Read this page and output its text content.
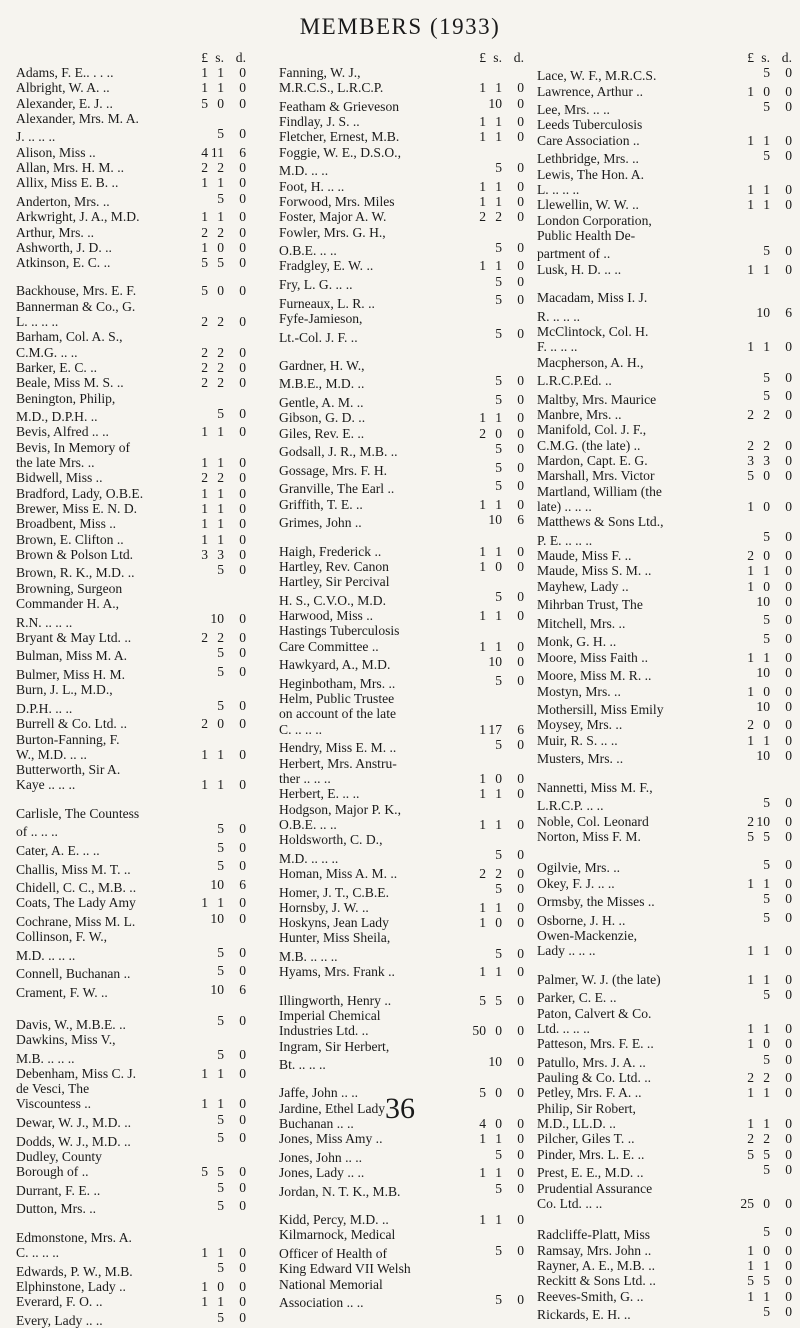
MEMBERS (1933)
£ s. d.
Adams, F. E.. . . ..	1 1	0
Albright, W. A. ..	1 1	0
Alexander, E. J. ..	5 0	0
Alexander, Mrs. M. A.
J. .. .. ..	5	0
Alison, Miss ..	4 11	6
Allan, Mrs. H. M. ..	2 2	0
Allix, Miss E. B. ..	1 1	0
Anderton, Mrs. ..	5	0
Arkwright, J. A., M.D.	1 1	0
Arthur, Mrs. ..	2 2	0
Ashworth, J. D. ..	1 0	0
Atkinson, E. C. ..	5 5	0
Backhouse, Mrs. E. F.	5 0	0
Bannerman & Co., G.
L. .. .. ..	2 2	0
Barham, Col. A. S.,
C.M.G. .. ..	2 2	0
Barker, E. C. ..	2 2	0
Beale, Miss M. S. ..	2 2	0
Benington, Philip,
M.D., D.P.H. ..	5	0
Bevis, Alfred .. ..	1 1	0
Bevis, In Memory of
the late Mrs. ..	1 1	0
Bidwell, Miss ..	2 2	0
Bradford, Lady, O.B.E.	1 1	0
Brewer, Miss E. N. D.	1 1	0
Broadbent, Miss ..	1 1	0
Brown, E. Clifton ..	1 1	0
Brown & Polson Ltd.	3 3	0
Brown, R. K., M.D. ..	5	0
Browning, Surgeon
Commander H. A.,
R.N. .. .. ..	10	0
Bryant & May Ltd. ..	2 2	0
Bulman, Miss M. A.	5	0
Bulmer, Miss H. M.	5	0
Burn, J. L., M.D.,
D.P.H. .. ..	5	0
Burrell & Co. Ltd. ..	2 0	0
Burton-Fanning, F.
W., M.D. .. ..	1 1	0
Butterworth, Sir A.
Kaye .. .. ..	1 1	0
Carlisle, The Countess
of .. .. ..	5	0
Cater, A. E. .. ..	5	0
Challis, Miss M. T. ..	5	0
Chidell, C. C., M.B. ..	10	6
Coats, The Lady Amy	1 1	0
Cochrane, Miss M. L.	10	0
Collinson, F. W.,
M.D. .. .. ..	5	0
Connell, Buchanan ..	5	0
Crament, F. W. ..	10	6
Davis, W., M.B.E. ..	5	0
Dawkins, Miss V.,
M.B. .. .. ..	5	0
Debenham, Miss C. J.	1 1	0
de Vesci, The
Viscountess ..	1 1	0
Dewar, W. J., M.D. ..	5	0
Dodds, W. J., M.D. ..	5	0
Dudley, County
Borough of ..	5 5	0
Durrant, F. E. ..	5	0
Dutton, Mrs. ..	5	0
Edmonstone, Mrs. A.
C. .. .. ..	1 1	0
Edwards, P. W., M.B.	5	0
Elphinstone, Lady ..	1 0	0
Everard, F. O. ..	1 1	0
Every, Lady .. ..	5	0
£ s. d.
Fanning, W. J.,
M.R.C.S., L.R.C.P.	1 1	0
Featham & Grieveson	10	0
Findlay, J. S. ..	1 1	0
Fletcher, Ernest, M.B.	1 1	0
Foggie, W. E., D.S.O.,
M.D. .. ..	5	0
Foot, H. .. ..	1 1	0
Forwood, Mrs. Miles	1 1	0
Foster, Major A. W.	2 2	0
Fowler, Mrs. G. H.,
O.B.E. .. ..	5	0
Fradgley, E. W. ..	1 1	0
Fry, L. G. .. ..	5	0
Furneaux, L. R. ..	5	0
Fyfe-Jamieson,
Lt.-Col. J. F. ..	5	0
Gardner, H. W.,
M.B.E., M.D. ..	5	0
Gentle, A. M. ..	5	0
Gibson, G. D. ..	1 1	0
Giles, Rev. E. ..	2 0	0
Godsall, J. R., M.B. ..	5	0
Gossage, Mrs. F. H.	5	0
Granville, The Earl ..	5	0
Griffith, T. E. ..	1 1	0
Grimes, John ..	10	6
Haigh, Frederick ..	1 1	0
Hartley, Rev. Canon	1 0	0
Hartley, Sir Percival
H. S., C.V.O., M.D.	5	0
Harwood, Miss ..	1 1	0
Hastings Tuberculosis
Care Committee ..	1 1	0
Hawkyard, A., M.D.	10	0
Heginbotham, Mrs. ..	5	0
Helm, Public Trustee
on account of the late
C. .. .. ..	1 17	6
Hendry, Miss E. M. ..	5	0
Herbert, Mrs. Anstru-
ther .. .. ..	1 0	0
Herbert, E. .. ..	1 1	0
Hodgson, Major P. K.,
O.B.E. .. ..	1 1	0
Holdsworth, C. D.,
M.D. .. .. ..	5	0
Homan, Miss A. M. ..	2 2	0
Homer, J. T., C.B.E.	5	0
Hornsby, J. W. ..	1 1	0
Hoskyns, Jean Lady	1 0	0
Hunter, Miss Sheila,
M.B. .. .. ..	5	0
Hyams, Mrs. Frank ..	1 1	0
Illingworth, Henry ..	5 5	0
Imperial Chemical
Industries Ltd. ..	50 0	0
Ingram, Sir Herbert,
Bt. .. .. ..	10	0
Jaffe, John .. ..	5 0	0
Jardine, Ethel Lady
Buchanan .. ..	4 0	0
Jones, Miss Amy ..	1 1	0
Jones, John .. ..	5	0
Jones, Lady .. ..	1 1	0
Jordan, N. T. K., M.B.	5	0
Kidd, Percy, M.D. ..	1 1	0
Kilmarnock, Medical
Officer of Health of	5	0
King Edward VII Welsh
National Memorial
Association .. ..	5	0
£ s. d.
Lace, W. F., M.R.C.S.	5	0
Lawrence, Arthur ..	1 0	0
Lee, Mrs. .. ..	5	0
Leeds Tuberculosis
Care Association ..	1 1	0
Lethbridge, Mrs. ..	5	0
Lewis, The Hon. A.
L. .. .. ..	1 1	0
Llewellin, W. W. ..	1 1	0
London Corporation,
Public Health De-
partment of ..	5	0
Lusk, H. D. .. ..	1 1	0
Macadam, Miss I. J.
R. .. .. ..	10	6
McClintock, Col. H.
F. .. .. ..	1 1	0
Macpherson, A. H.,
L.R.C.P.Ed. ..	5	0
Maltby, Mrs. Maurice	5	0
Manbre, Mrs. ..	2 2	0
Manifold, Col. J. F.,
C.M.G. (the late) ..	2 2	0
Mardon, Capt. E. G.	3 3	0
Marshall, Mrs. Victor	5 0	0
Martland, William (the
late) .. .. ..	1 0	0
Matthews & Sons Ltd.,
P. E. .. .. ..	5	0
Maude, Miss F. ..	2 0	0
Maude, Miss S. M. ..	1 1	0
Mayhew, Lady ..	1 0	0
Mihrban Trust, The	10	0
Mitchell, Mrs. ..	5	0
Monk, G. H. ..	5	0
Moore, Miss Faith ..	1 1	0
Moore, Miss M. R. ..	10	0
Mostyn, Mrs. ..	1 0	0
Mothersill, Miss Emily	10	0
Moysey, Mrs. ..	2 0	0
Muir, R. S. .. ..	1 1	0
Musters, Mrs. ..	10	0
Nannetti, Miss M. F.,
L.R.C.P. .. ..	5	0
Noble, Col. Leonard	2 10	0
Norton, Miss F. M.	5 5	0
Ogilvie, Mrs. ..	5	0
Okey, F. J. .. ..	1 1	0
Ormsby, the Misses ..	5	0
Osborne, J. H. ..	5	0
Owen-Mackenzie,
Lady .. .. ..	1 1	0
Palmer, W. J. (the late)	1 1	0
Parker, C. E. ..	5	0
Paton, Calvert & Co.
Ltd. .. .. ..	1 1	0
Patteson, Mrs. F. E. ..	1 0	0
Patullo, Mrs. J. A. ..	5	0
Pauling & Co. Ltd. ..	2 2	0
Petley, Mrs. F. A. ..	1 1	0
Philip, Sir Robert,
M.D., LL.D. ..	1 1	0
Pilcher, Giles T. ..	2 2	0
Pinder, Mrs. L. E. ..	5 5	0
Prest, E. E., M.D. ..	5	0
Prudential Assurance
Co. Ltd. .. ..	25 0	0
Radcliffe-Platt, Miss	5	0
Ramsay, Mrs. John ..	1 0	0
Rayner, A. E., M.B. ..	1 1	0
Reckitt & Sons Ltd. ..	5 5	0
Reeves-Smith, G. ..	1 1	0
Rickards, E. H. ..	5	0
36
